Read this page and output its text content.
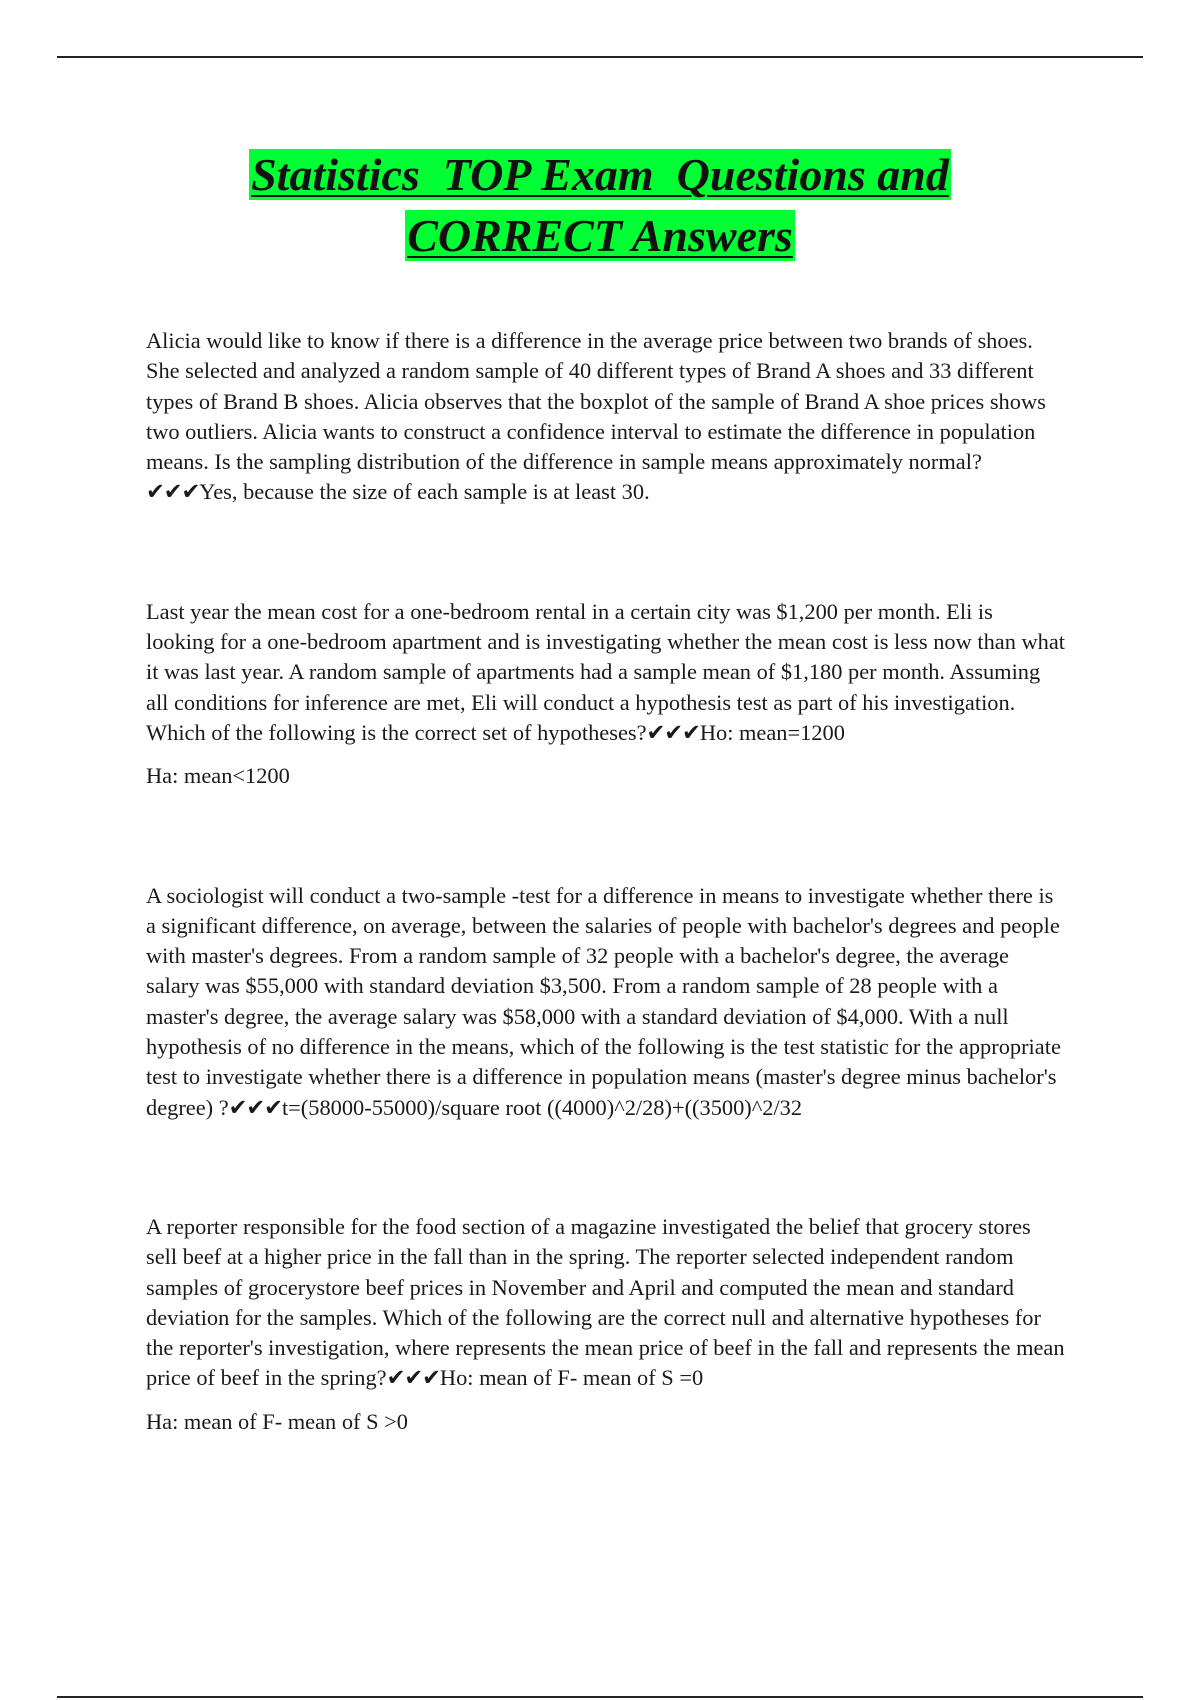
Statistics  TOP Exam  Questions and
CORRECT Answers

Alicia would like to know if there is a difference in the average price between two brands of shoes. She selected and analyzed a random sample of 40 different types of Brand A shoes and 33 different types of Brand B shoes. Alicia observes that the boxplot of the sample of Brand A shoe prices shows two outliers. Alicia wants to construct a confidence interval to estimate the difference in population means. Is the sampling distribution of the difference in sample means approximately normal?✔✔✔Yes, because the size of each sample is at least 30.

Last year the mean cost for a one-bedroom rental in a certain city was $1,200 per month. Eli is looking for a one-bedroom apartment and is investigating whether the mean cost is less now than what it was last year. A random sample of apartments had a sample mean of $1,180 per month. Assuming all conditions for inference are met, Eli will conduct a hypothesis test as part of his investigation. Which of the following is the correct set of hypotheses?✔✔✔Ho: mean=1200

Ha: mean<1200

A sociologist will conduct a two-sample -test for a difference in means to investigate whether there is a significant difference, on average, between the salaries of people with bachelor's degrees and people with master's degrees. From a random sample of 32 people with a bachelor's degree, the average salary was $55,000 with standard deviation $3,500. From a random sample of 28 people with a master's degree, the average salary was $58,000 with a standard deviation of $4,000. With a null hypothesis of no difference in the means, which of the following is the test statistic for the appropriate test to investigate whether there is a difference in population means (master's degree minus bachelor's degree) ?✔✔✔t=(58000-55000)/square root ((4000)^2/28)+((3500)^2/32

A reporter responsible for the food section of a magazine investigated the belief that grocery stores sell beef at a higher price in the fall than in the spring. The reporter selected independent random samples of grocerystore beef prices in November and April and computed the mean and standard deviation for the samples. Which of the following are the correct null and alternative hypotheses for the reporter's investigation, where represents the mean price of beef in the fall and represents the mean price of beef in the spring?✔✔✔Ho: mean of F- mean of S =0

Ha: mean of F- mean of S >0
